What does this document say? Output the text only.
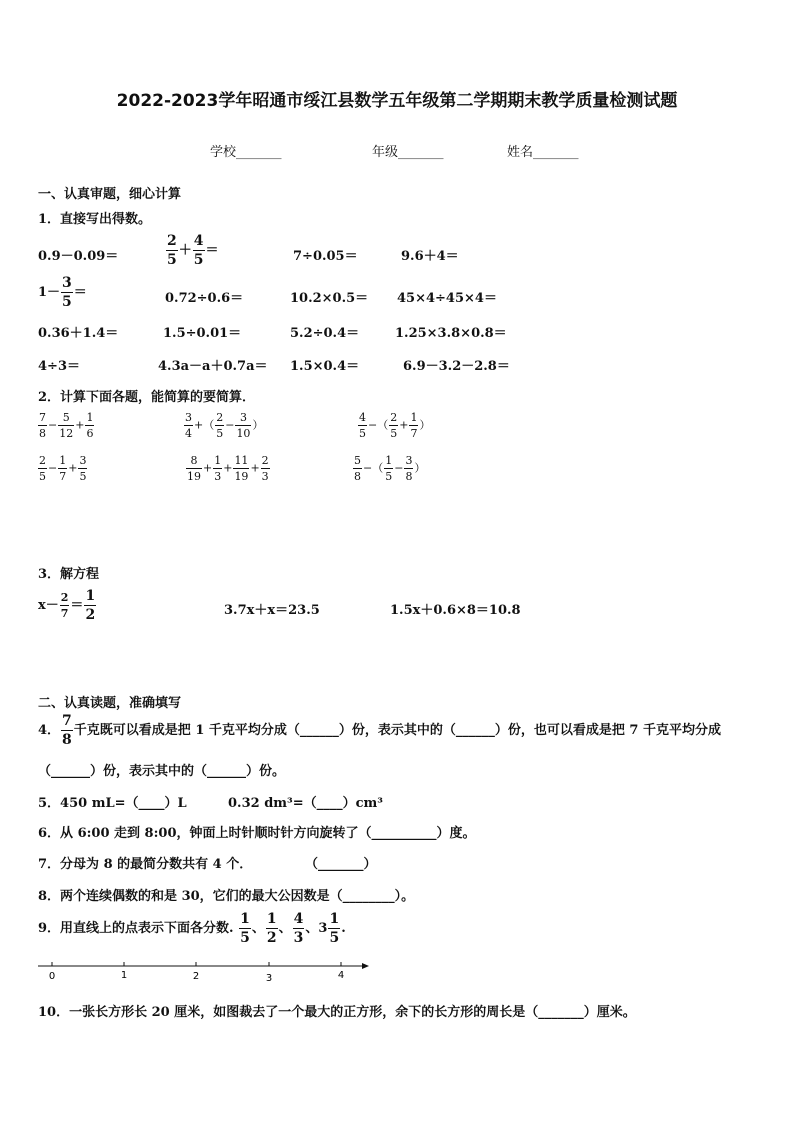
2022-2023学年昭通市绥江县数学五年级第二学期期末教学质量检测试题
学校_______	年级_______	姓名_______
一、认真审题，细心计算
1．直接写出得数。
0.9－0.09＝	$\frac{2}{5} + \frac{4}{5}$ ＝	7÷0.05＝	9.6＋4＝
$1- \frac{3}{5}$ ＝	0.72÷0.6＝	10.2×0.5＝ 45×4÷45×4＝
0.36＋1.4＝	1.5÷0.01＝	5.2÷0.4＝	1.25×3.8×0.8＝
4÷3＝	4.3a－a＋0.7a＝ 1.5×0.4＝	6.9－3.2－2.8＝
2．计算下面各题，能简算的要简算．
$\frac{7}{8} - \frac{5}{12} + \frac{1}{6}$	$\frac{3}{4}$ +（ $\frac{2}{5} - \frac{3}{10}$ ）	$\frac{4}{5}$ −（ $\frac{2}{5} + \frac{1}{7}$ ）
$\frac{2}{5} - \frac{1}{7} + \frac{3}{5}$	$\frac{8}{19} + \frac{1}{3} + \frac{11}{19} + \frac{2}{3}$	$\frac{5}{8}$ −（ $\frac{1}{5} - \frac{3}{8}$ ）
3．解方程
$x- \frac{2}{7} = \frac{1}{2}$	3.7x＋x＝23.5	1.5x＋0.6×8＝10.8
二、认真读题，准确填写
4． $\frac{7}{8}$ 千克既可以看成是把 1 千克平均分成（______）份，表示其中的（______）份，也可以看成是把 7 千克平均分成
（______）份，表示其中的（______）份。
5．450 mL=（____）L	0.32 dm³=（____）cm³
6．从 6:00 走到 8:00，钟面上时针顺时针方向旋转了（__________）度。
7．分母为 8 的最简分数共有 4 个．	（_______）
8．两个连续偶数的和是 30，它们的最大公因数是（________）。
9．用直线上的点表示下面各分数. $\frac{1}{5}$ 、 $\frac{1}{2}$ 、 $\frac{4}{3}$ 、$3 \frac{1}{5}$ .
0	1	2	3	4
10．一张长方形长 20 厘米，如图裁去了一个最大的正方形，余下的长方形的周长是（_______）厘米。
